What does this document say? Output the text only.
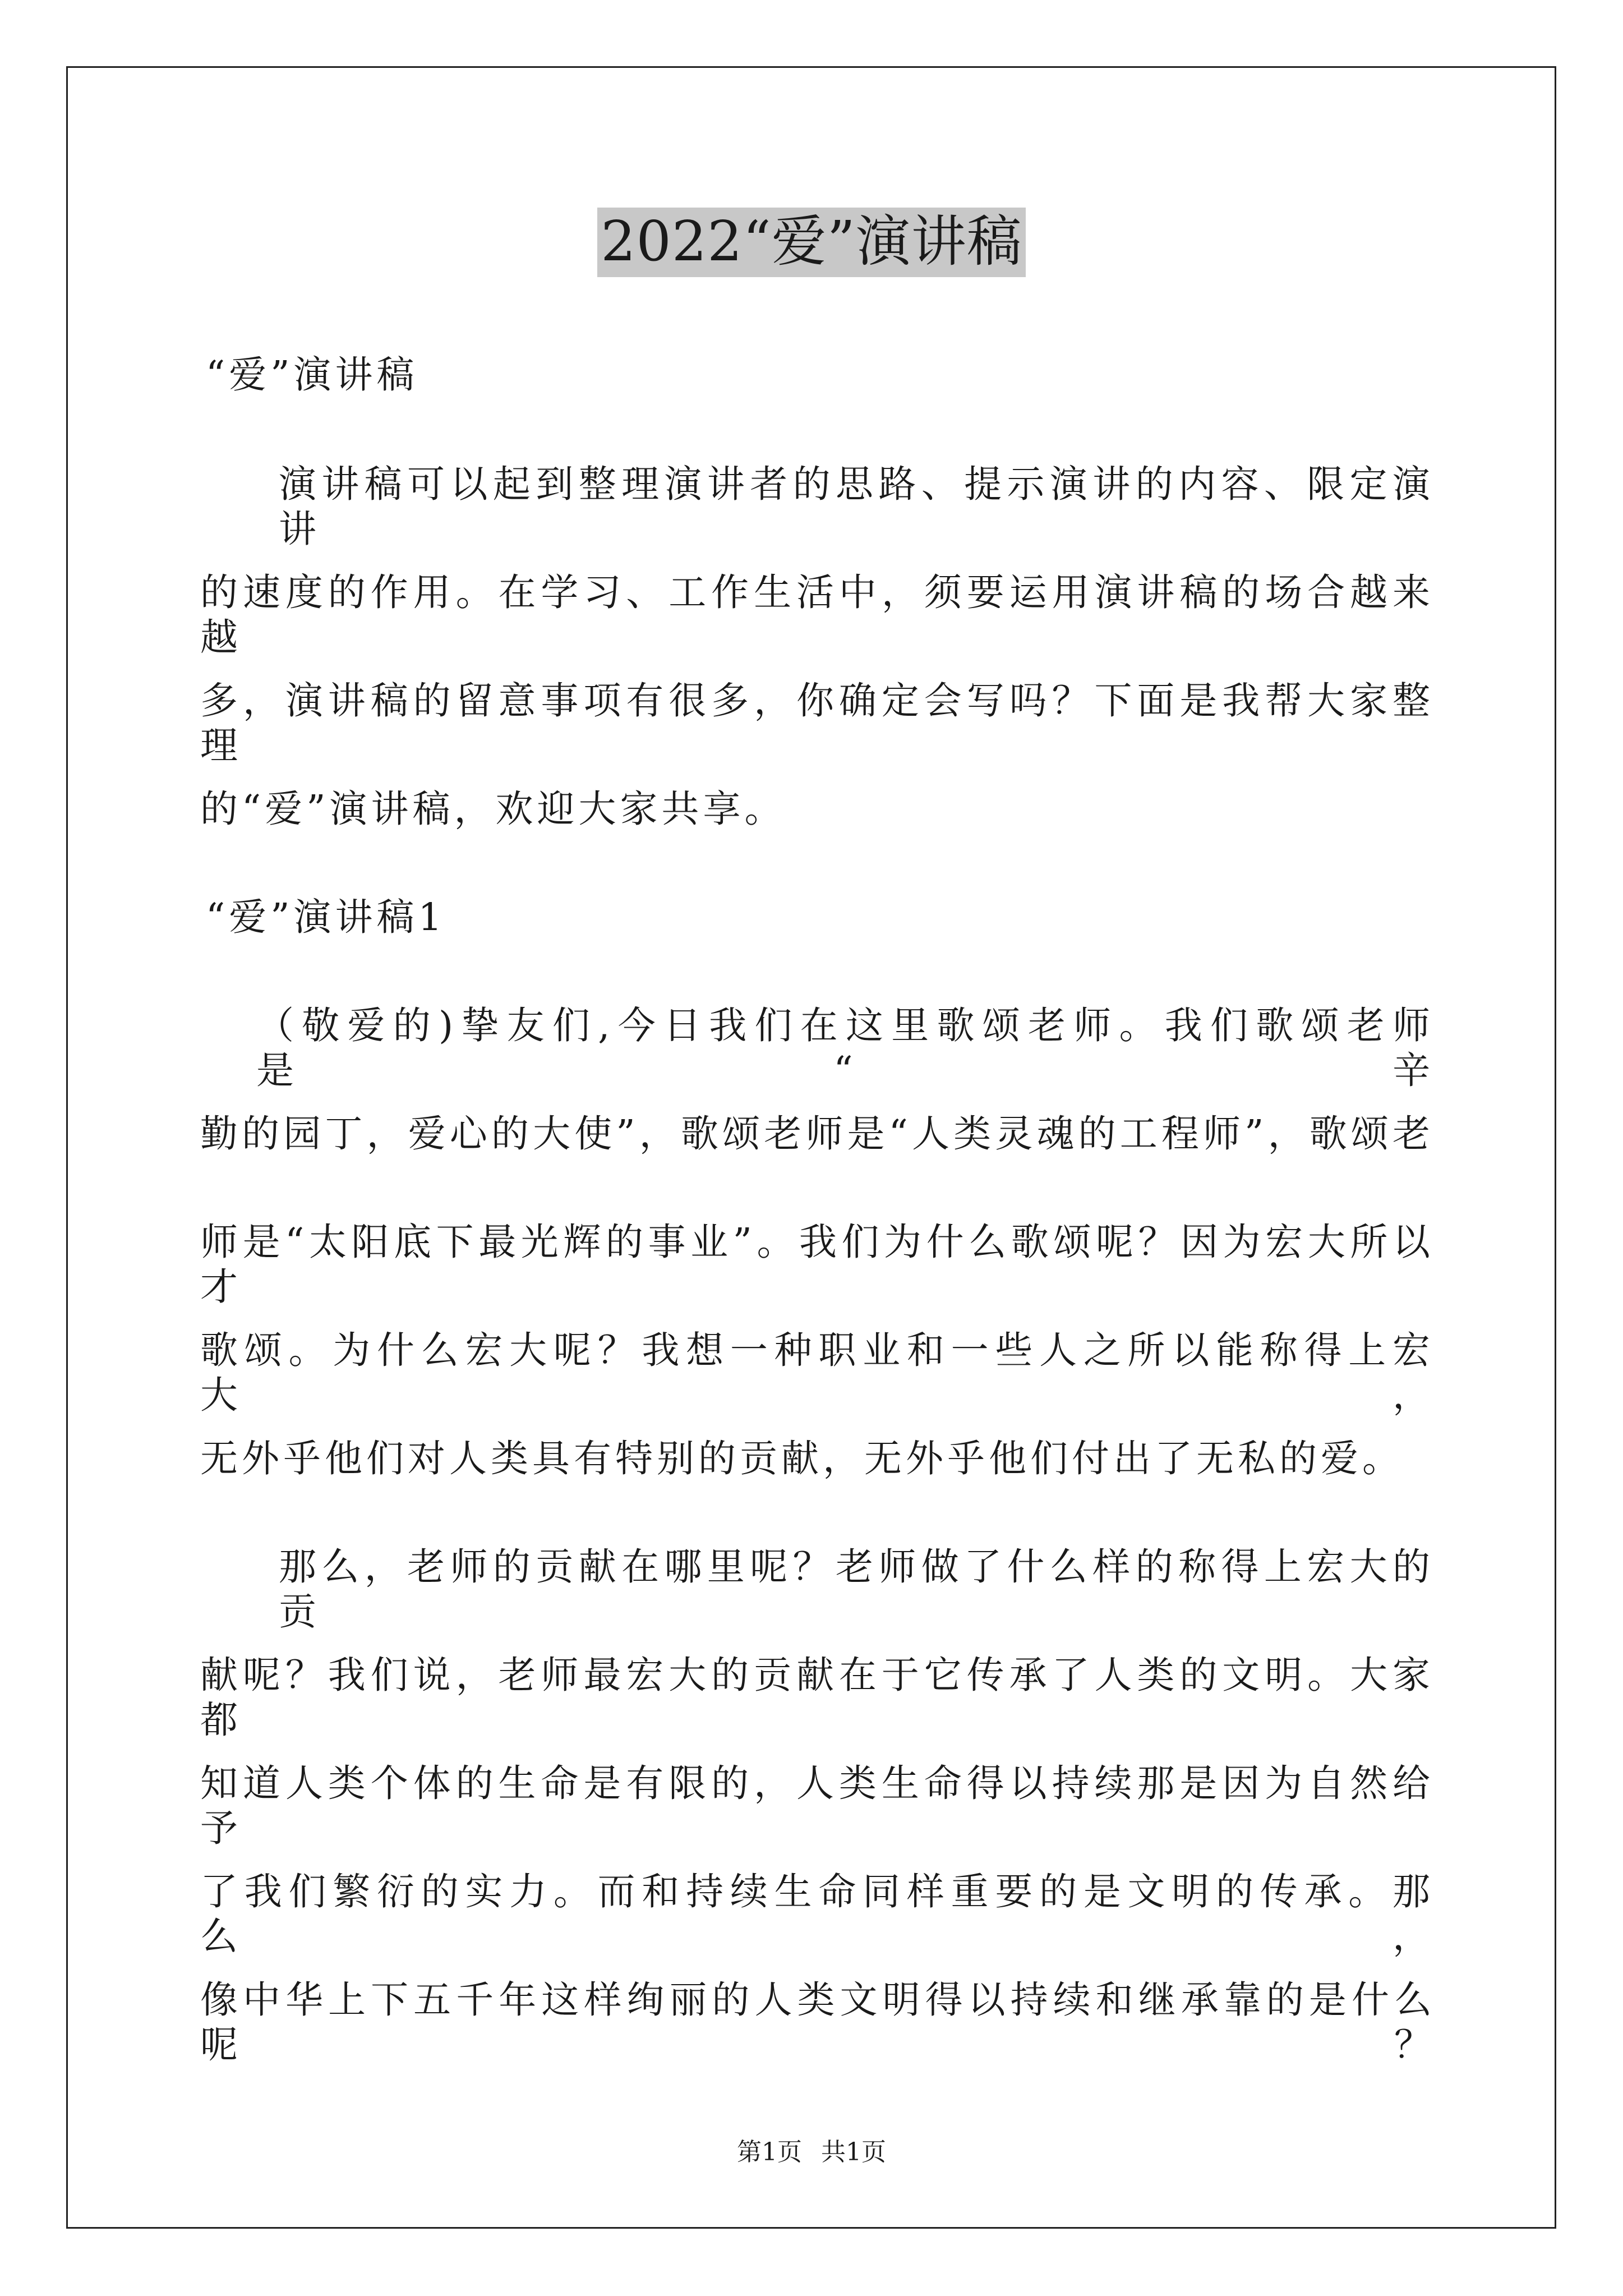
2022“爱”演讲稿
“爱”演讲稿
演讲稿可以起到整理演讲者的思路、提示演讲的内容、限定演讲
的速度的作用。在学习、工作生活中，须要运用演讲稿的场合越来越
多，演讲稿的留意事项有很多，你确定会写吗？下面是我帮大家整理
的“爱”演讲稿，欢迎大家共享。
“爱”演讲稿1
（敬爱的)挚友们,今日我们在这里歌颂老师。我们歌颂老师是“辛
勤的园丁，爱心的大使”，歌颂老师是“人类灵魂的工程师”，歌颂老
师是“太阳底下最光辉的事业”。我们为什么歌颂呢？因为宏大所以才
歌颂。为什么宏大呢？我想一种职业和一些人之所以能称得上宏大，
无外乎他们对人类具有特别的贡献，无外乎他们付出了无私的爱。
那么，老师的贡献在哪里呢？老师做了什么样的称得上宏大的贡
献呢？我们说，老师最宏大的贡献在于它传承了人类的文明。大家都
知道人类个体的生命是有限的，人类生命得以持续那是因为自然给予
了我们繁衍的实力。而和持续生命同样重要的是文明的传承。那么，
像中华上下五千年这样绚丽的人类文明得以持续和继承靠的是什么呢？
第1页 共1页
